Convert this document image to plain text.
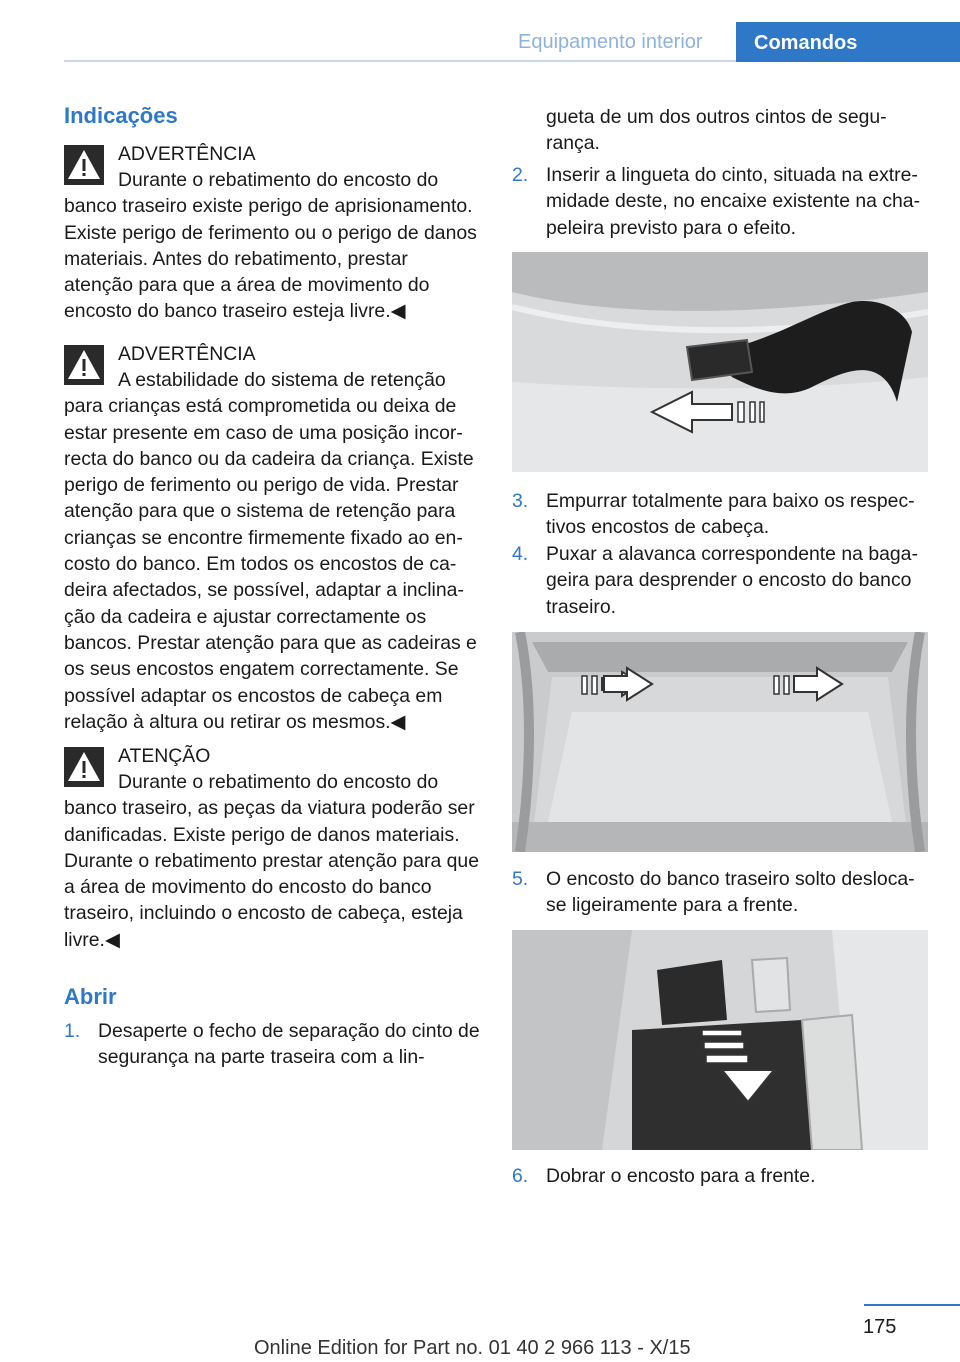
Equipamento interior	Comandos
Indicações
ADVERTÊNCIA
Durante o rebatimento do encosto do banco traseiro existe perigo de aprisionamento. Existe perigo de ferimento ou o perigo de danos materiais. Antes do rebatimento, prestar atenção para que a área de movimento do encosto do banco traseiro esteja livre.◀
ADVERTÊNCIA
A estabilidade do sistema de retenção para crianças está comprometida ou deixa de estar presente em caso de uma posição incorrecta do banco ou da cadeira da criança. Existe perigo de ferimento ou perigo de vida. Prestar atenção para que o sistema de retenção para crianças se encontre firmemente fixado ao encosto do banco. Em todos os encostos de cadeira afectados, se possível, adaptar a inclinação da cadeira e ajustar correctamente os bancos. Prestar atenção para que as cadeiras e os seus encostos engatem correctamente. Se possível adaptar os encostos de cabeça em relação à altura ou retirar os mesmos.◀
ATENÇÃO
Durante o rebatimento do encosto do banco traseiro, as peças da viatura poderão ser danificadas. Existe perigo de danos materiais. Durante o rebatimento prestar atenção para que a área de movimento do encosto do banco traseiro, incluindo o encosto de cabeça, esteja livre.◀
Abrir
1. Desaperte o fecho de separação do cinto de segurança na parte traseira com a lin-
gueta de um dos outros cintos de segurança.
2. Inserir a lingueta do cinto, situada na extremidade deste, no encaixe existente na chapeleira previsto para o efeito.
3. Empurrar totalmente para baixo os respectivos encostos de cabeça.
4. Puxar a alavanca correspondente na bagageira para desprender o encosto do banco traseiro.
5. O encosto do banco traseiro solto desloca-se ligeiramente para a frente.
6. Dobrar o encosto para a frente.
175
Online Edition for Part no. 01 40 2 966 113 - X/15
